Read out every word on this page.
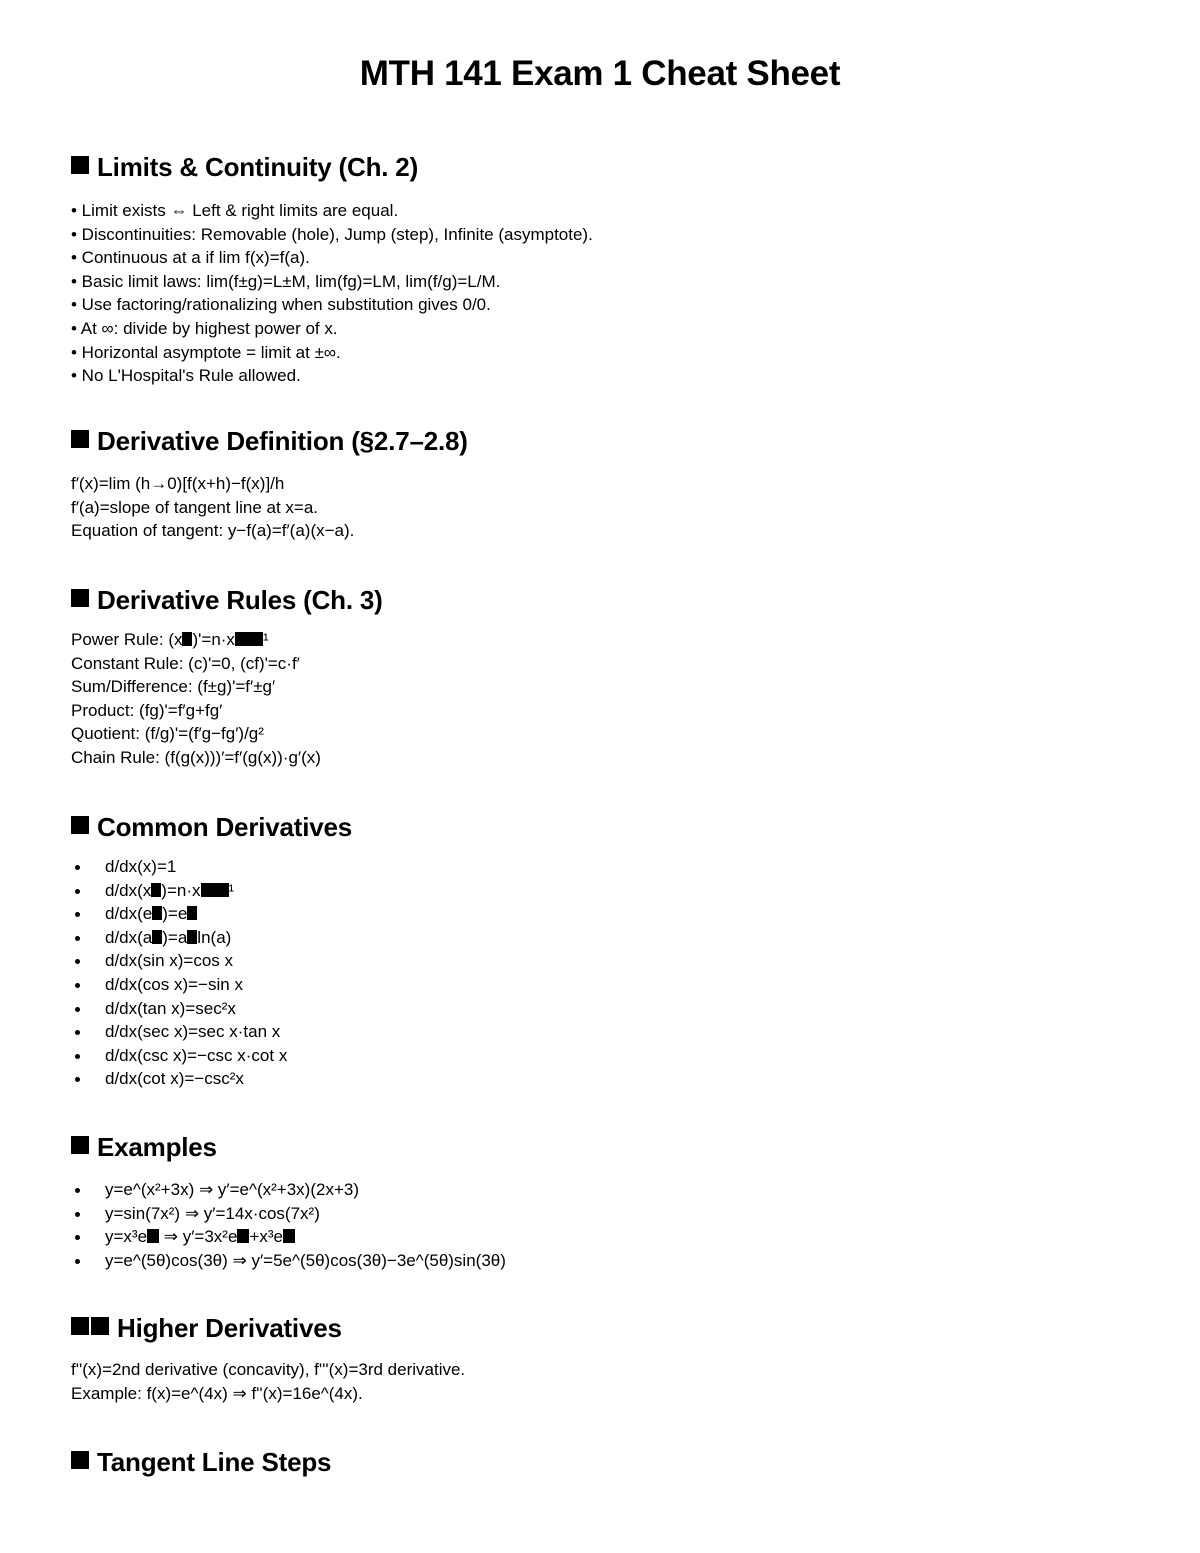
MTH 141 Exam 1 Cheat Sheet
Limits & Continuity (Ch. 2)
• Limit exists ⇔ Left & right limits are equal.
• Discontinuities: Removable (hole), Jump (step), Infinite (asymptote).
• Continuous at a if lim f(x)=f(a).
• Basic limit laws: lim(f±g)=L±M, lim(fg)=LM, lim(f/g)=L/M.
• Use factoring/rationalizing when substitution gives 0/0.
• At ∞: divide by highest power of x.
• Horizontal asymptote = limit at ±∞.
• No L'Hospital's Rule allowed.
Derivative Definition (§2.7–2.8)
f′(x)=lim (h→0)[f(x+h)−f(x)]/h
f′(a)=slope of tangent line at x=a.
Equation of tangent: y−f(a)=f′(a)(x−a).
Derivative Rules (Ch. 3)
Power Rule: (x )'=n·x ¹
Constant Rule: (c)'=0, (cf)'=c·f′
Sum/Difference: (f±g)'=f′±g′
Product: (fg)'=f′g+fg′
Quotient: (f/g)'=(f′g−fg′)/g²
Chain Rule: (f(g(x)))′=f′(g(x))·g′(x)
Common Derivatives
d/dx(x)=1
d/dx(x )=n·x ¹
d/dx(e )=e
d/dx(a )=a ln(a)
d/dx(sin x)=cos x
d/dx(cos x)=−sin x
d/dx(tan x)=sec²x
d/dx(sec x)=sec x·tan x
d/dx(csc x)=−csc x·cot x
d/dx(cot x)=−csc²x
Examples
y=e^(x²+3x) ⇒ y′=e^(x²+3x)(2x+3)
y=sin(7x²) ⇒ y′=14x·cos(7x²)
y=x³e ⇒ y′=3x²e +x³e
y=e^(5θ)cos(3θ) ⇒ y′=5e^(5θ)cos(3θ)−3e^(5θ)sin(3θ)
Higher Derivatives
f''(x)=2nd derivative (concavity), f'''(x)=3rd derivative.
Example: f(x)=e^(4x) ⇒ f''(x)=16e^(4x).
Tangent Line Steps
